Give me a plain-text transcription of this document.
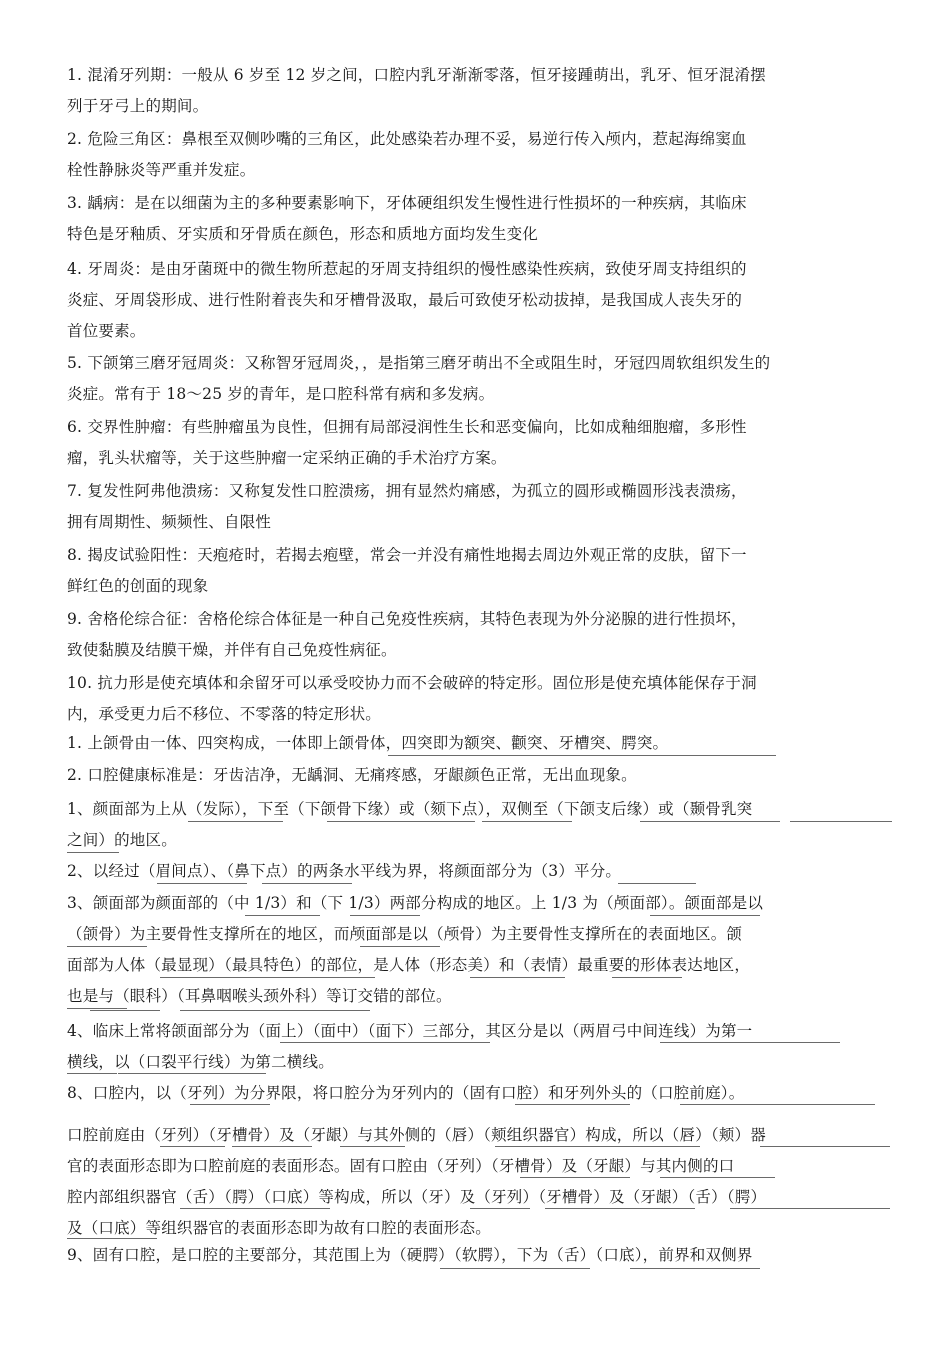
1. 混淆牙列期：一般从 6 岁至 12 岁之间，口腔内乳牙渐渐零落，恒牙接踵萌出，乳牙、恒牙混淆摆
列于牙弓上的期间。
2. 危险三角区：鼻根至双侧吵嘴的三角区，此处感染若办理不妥，易逆行传入颅内，惹起海绵窦血
栓性静脉炎等严重并发症。
3. 龋病：是在以细菌为主的多种要素影响下，牙体硬组织发生慢性进行性损坏的一种疾病，其临床
特色是牙釉质、牙实质和牙骨质在颜色，形态和质地方面均发生变化
4. 牙周炎：是由牙菌斑中的微生物所惹起的牙周支持组织的慢性感染性疾病，致使牙周支持组织的
炎症、牙周袋形成、进行性附着丧失和牙槽骨汲取，最后可致使牙松动拔掉，是我国成人丧失牙的
首位要素。
5. 下颌第三磨牙冠周炎：又称智牙冠周炎，，是指第三磨牙萌出不全或阻生时，牙冠四周软组织发生的
炎症。常有于 18～25 岁的青年，是口腔科常有病和多发病。
6. 交界性肿瘤：有些肿瘤虽为良性，但拥有局部浸润性生长和恶变偏向，比如成釉细胞瘤，多形性
瘤，乳头状瘤等，关于这些肿瘤一定采纳正确的手术治疗方案。
7. 复发性阿弗他溃疡：又称复发性口腔溃疡，拥有显然灼痛感，为孤立的圆形或椭圆形浅表溃疡，
拥有周期性、频频性、自限性
8. 揭皮试验阳性：天疱疮时，若揭去疱壁，常会一并没有痛性地揭去周边外观正常的皮肤，留下一
鲜红色的创面的现象
9. 舍格伦综合征：舍格伦综合体征是一种自己免疫性疾病，其特色表现为外分泌腺的进行性损坏，
致使黏膜及结膜干燥，并伴有自己免疫性病征。
10. 抗力形是使充填体和余留牙可以承受咬协力而不会破碎的特定形。固位形是使充填体能保存于洞
内，承受更力后不移位、不零落的特定形状。
1. 上颌骨由一体、四突构成，一体即上颌骨体，四突即为额突、颧突、牙槽突、腭突。
2. 口腔健康标准是：牙齿洁净，无龋洞、无痛疼感，牙龈颜色正常，无出血现象。
1、颜面部为上从（发际），下至（下颌骨下缘）或（颏下点），双侧至（下颌支后缘）或（颞骨乳突
之间）的地区。
2、以经过（眉间点）、（鼻下点）的两条水平线为界，将颜面部分为（3）平分。
3、颌面部为颜面部的（中 1/3）和（下 1/3）两部分构成的地区。上 1/3 为（颅面部）。颌面部是以
（颌骨）为主要骨性支撑所在的地区，而颅面部是以（颅骨）为主要骨性支撑所在的表面地区。颌
面部为人体（最显现）（最具特色）的部位，是人体（形态美）和（表情）最重要的形体表达地区，
也是与（眼科）（耳鼻咽喉头颈外科）等订交错的部位。
4、临床上常将颌面部分为（面上）（面中）（面下）三部分，其区分是以（两眉弓中间连线）为第一
横线，以（口裂平行线）为第二横线。
8、口腔内，以（牙列）为分界限，将口腔分为牙列内的（固有口腔）和牙列外头的（口腔前庭）。
口腔前庭由（牙列）（牙槽骨）及（牙龈）与其外侧的（唇）（颊组织器官）构成，所以（唇）（颊）器
官的表面形态即为口腔前庭的表面形态。固有口腔由（牙列）（牙槽骨）及（牙龈）与其内侧的口
腔内部组织器官（舌）（腭）（口底）等构成，所以（牙）及（牙列）（牙槽骨）及（牙龈）（舌）（腭）
及（口底）等组织器官的表面形态即为故有口腔的表面形态。
9、固有口腔，是口腔的主要部分，其范围上为（硬腭）（软腭），下为（舌）（口底），前界和双侧界
